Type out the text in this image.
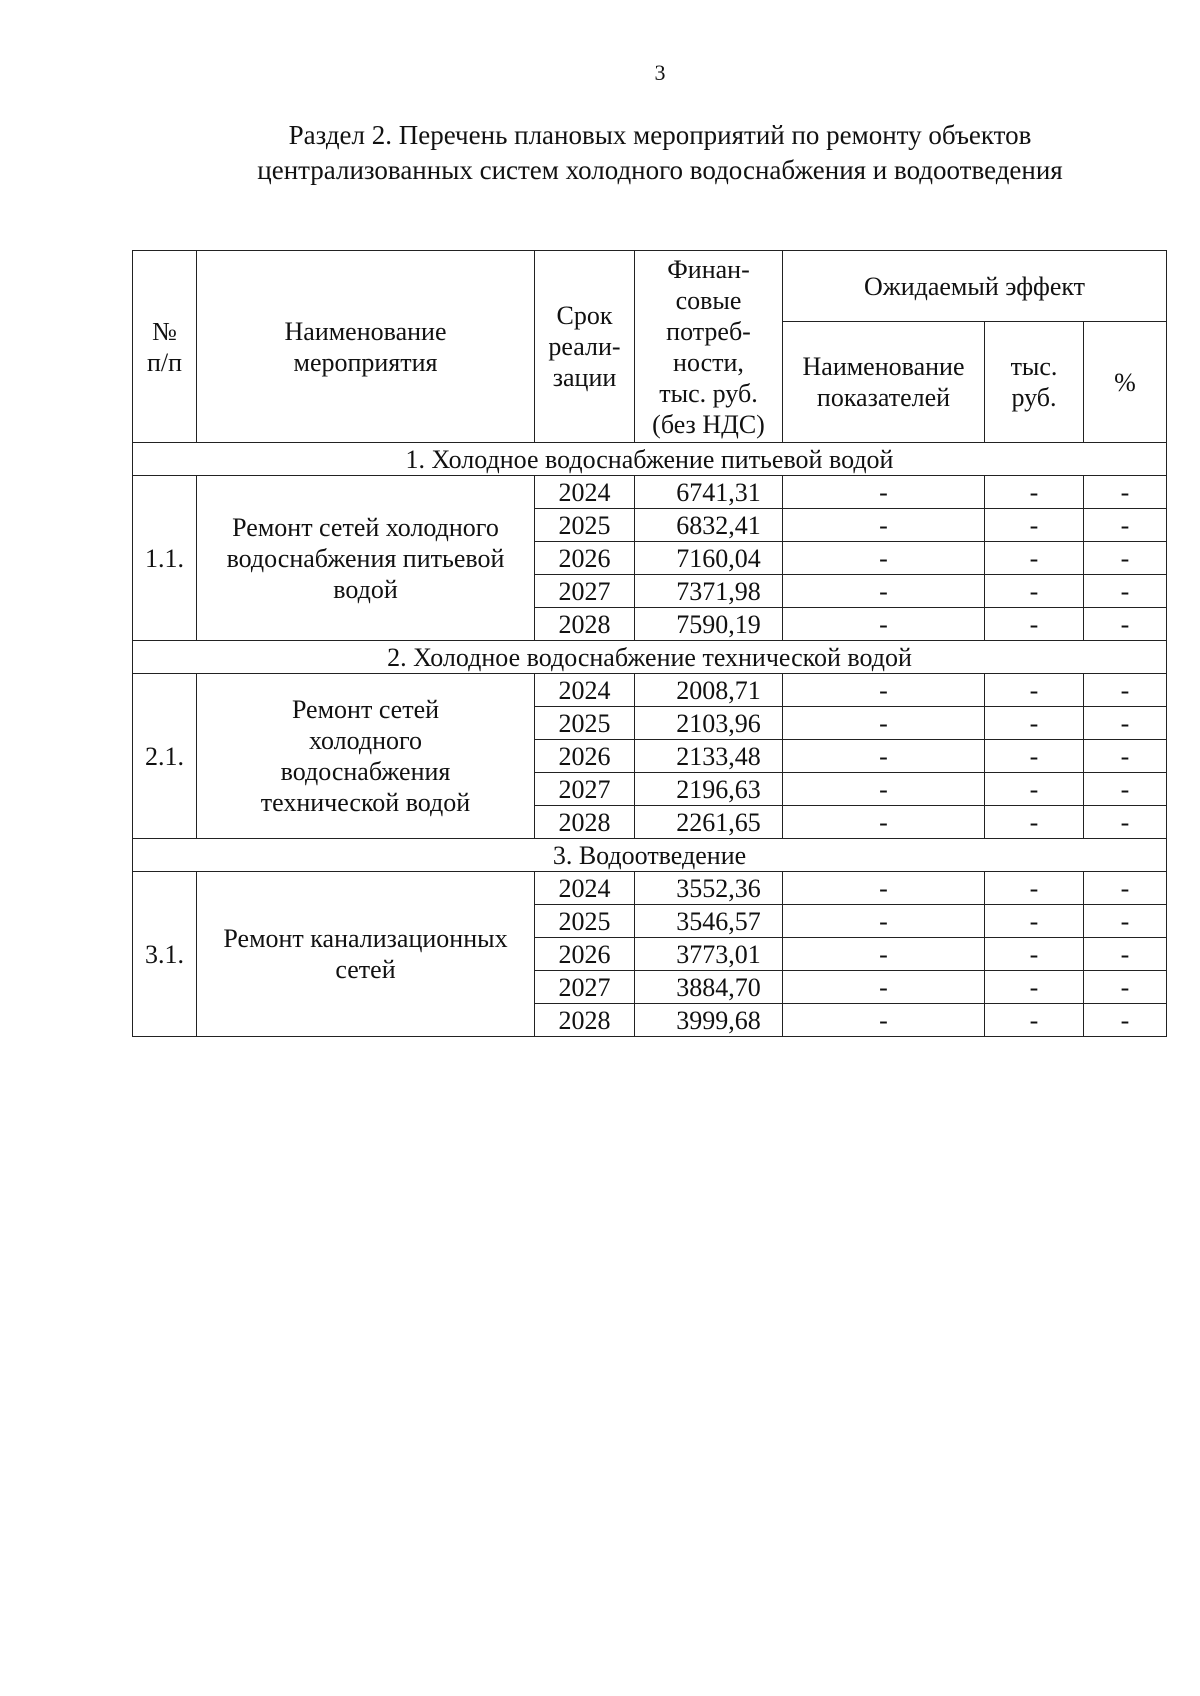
3
Раздел 2. Перечень плановых мероприятий по ремонту объектов
централизованных систем холодного водоснабжения и водоотведения
№ п/п	Наименование мероприятия	Срок реали-зации	Финан-совые потреб-ности, тыс. руб. (без НДС)	Ожидаемый эффект		
				Наименование показателей	тыс. руб.	%
1. Холодное водоснабжение питьевой водой						
1.1.	Ремонт сетей холодного водоснабжения питьевой водой	2024	6741,31	-	-	-
		2025	6832,41	-	-	-
		2026	7160,04	-	-	-
		2027	7371,98	-	-	-
		2028	7590,19	-	-	-
2. Холодное водоснабжение технической водой						
2.1.	Ремонт сетей холодного водоснабжения технической водой	2024	2008,71	-	-	-
		2025	2103,96	-	-	-
		2026	2133,48	-	-	-
		2027	2196,63	-	-	-
		2028	2261,65	-	-	-
3. Водоотведение						
3.1.	Ремонт канализационных сетей	2024	3552,36	-	-	-
		2025	3546,57	-	-	-
		2026	3773,01	-	-	-
		2027	3884,70	-	-	-
		2028	3999,68	-	-	-
